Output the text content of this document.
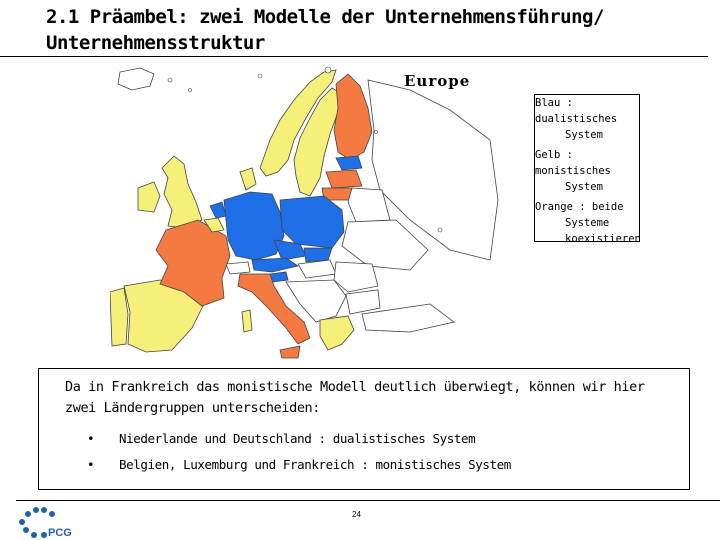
2.1 Präambel: zwei Modelle der Unternehmensführung/
Unternehmensstruktur
Europe
Blau : dualistisches
System
Gelb : monistisches
System
Orange : beide
Systeme
koexistieren
Da in Frankreich das monistische Modell deutlich überwiegt, können wir hier zwei Ländergruppen unterscheiden:
• Niederlande und Deutschland : dualistisches System
• Belgien, Luxemburg und Frankreich : monistisches System
24
PCG
